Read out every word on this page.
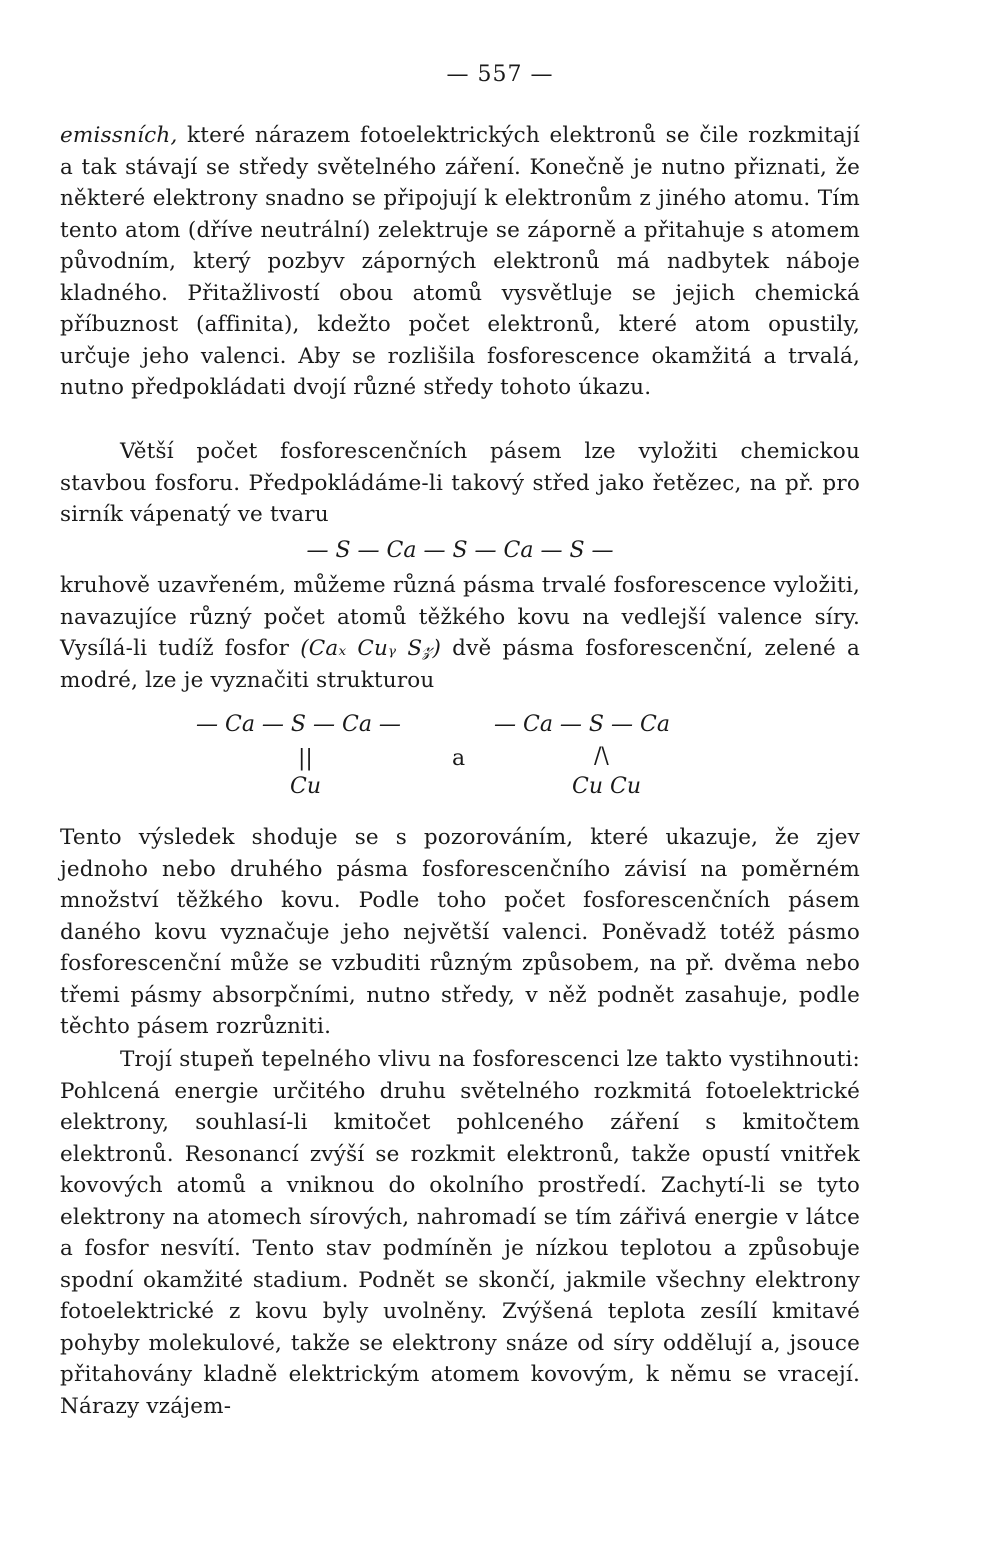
— 557 —

emissních, které nárazem fotoelektrických elektronů se čile rozkmitají a tak stávají se středy světelného záření. Konečně je nutno přiznati, že některé elektrony snadno se připojují k elektronům z jiného atomu. Tím tento atom (dříve neutrální) zelektruje se záporně a přitahuje s atomem původním, který pozbyv záporných elektronů má nadbytek náboje kladného. Přitažlivostí obou atomů vysvětluje se jejich chemická příbuznost (affinita), kdežto počet elektronů, které atom opustily, určuje jeho valenci. Aby se rozlišila fosforescence okamžitá a trvalá, nutno předpokládati dvojí různé středy tohoto úkazu.

Větší počet fosforescenčních pásem lze vyložiti chemickou stavbou fosforu. Předpokládáme-li takový střed jako řetězec, na př. pro sirník vápenatý ve tvaru

— S — Ca — S — Ca — S —

kruhově uzavřeném, můžeme různá pásma trvalé fosforescence vyložiti, navazujíce různý počet atomů těžkého kovu na vedlejší valence síry. Vysílá-li tudíž fosfor (Caₓ Cuᵧ S𝓏) dvě pásma fosforescenční, zelené a modré, lze je vyznačiti strukturou

— Ca — S — Ca —
||
Cu
a
— Ca — S — Ca
/\
Cu Cu

Tento výsledek shoduje se s pozorováním, které ukazuje, že zjev jednoho nebo druhého pásma fosforescenčního závisí na poměrném množství těžkého kovu. Podle toho počet fosforescenčních pásem daného kovu vyznačuje jeho největší valenci. Poněvadž totéž pásmo fosforescenční může se vzbuditi různým způsobem, na př. dvěma nebo třemi pásmy absorpčními, nutno středy, v něž podnět zasahuje, podle těchto pásem rozrůzniti.

Trojí stupeň tepelného vlivu na fosforescenci lze takto vystihnouti: Pohlcená energie určitého druhu světelného rozkmitá fotoelektrické elektrony, souhlasí-li kmitočet pohlceného záření s kmitočtem elektronů. Resonancí zvýší se rozkmit elektronů, takže opustí vnitřek kovových atomů a vniknou do okolního prostředí. Zachytí-li se tyto elektrony na atomech sírových, nahromadí se tím zářivá energie v látce a fosfor nesvítí. Tento stav podmíněn je nízkou teplotou a způsobuje spodní okamžité stadium. Podnět se skončí, jakmile všechny elektrony fotoelektrické z kovu byly uvolněny. Zvýšená teplota zesílí kmitavé pohyby molekulové, takže se elektrony snáze od síry oddělují a, jsouce přitahovány kladně elektrickým atomem kovovým, k němu se vracejí. Nárazy vzájem-
